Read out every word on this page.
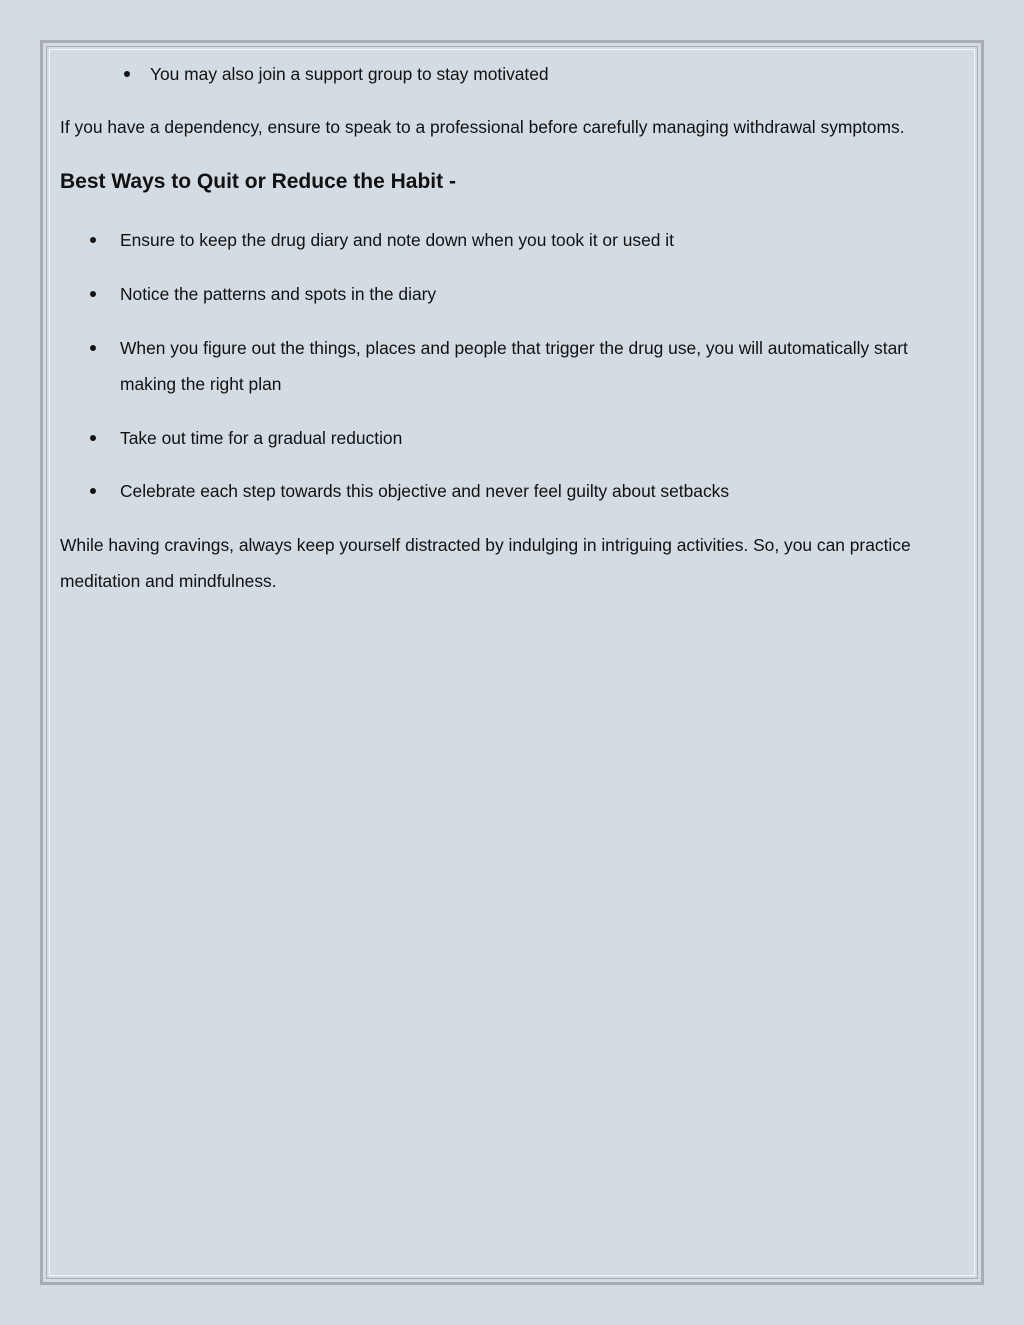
You may also join a support group to stay motivated

If you have a dependency, ensure to speak to a professional before carefully managing withdrawal symptoms.

Best Ways to Quit or Reduce the Habit -
Ensure to keep the drug diary and note down when you took it or used it
Notice the patterns and spots in the diary
When you figure out the things, places and people that trigger the drug use, you will automatically start making the right plan
Take out time for a gradual reduction
Celebrate each step towards this objective and never feel guilty about setbacks

While having cravings, always keep yourself distracted by indulging in intriguing activities. So, you can practice meditation and mindfulness.
